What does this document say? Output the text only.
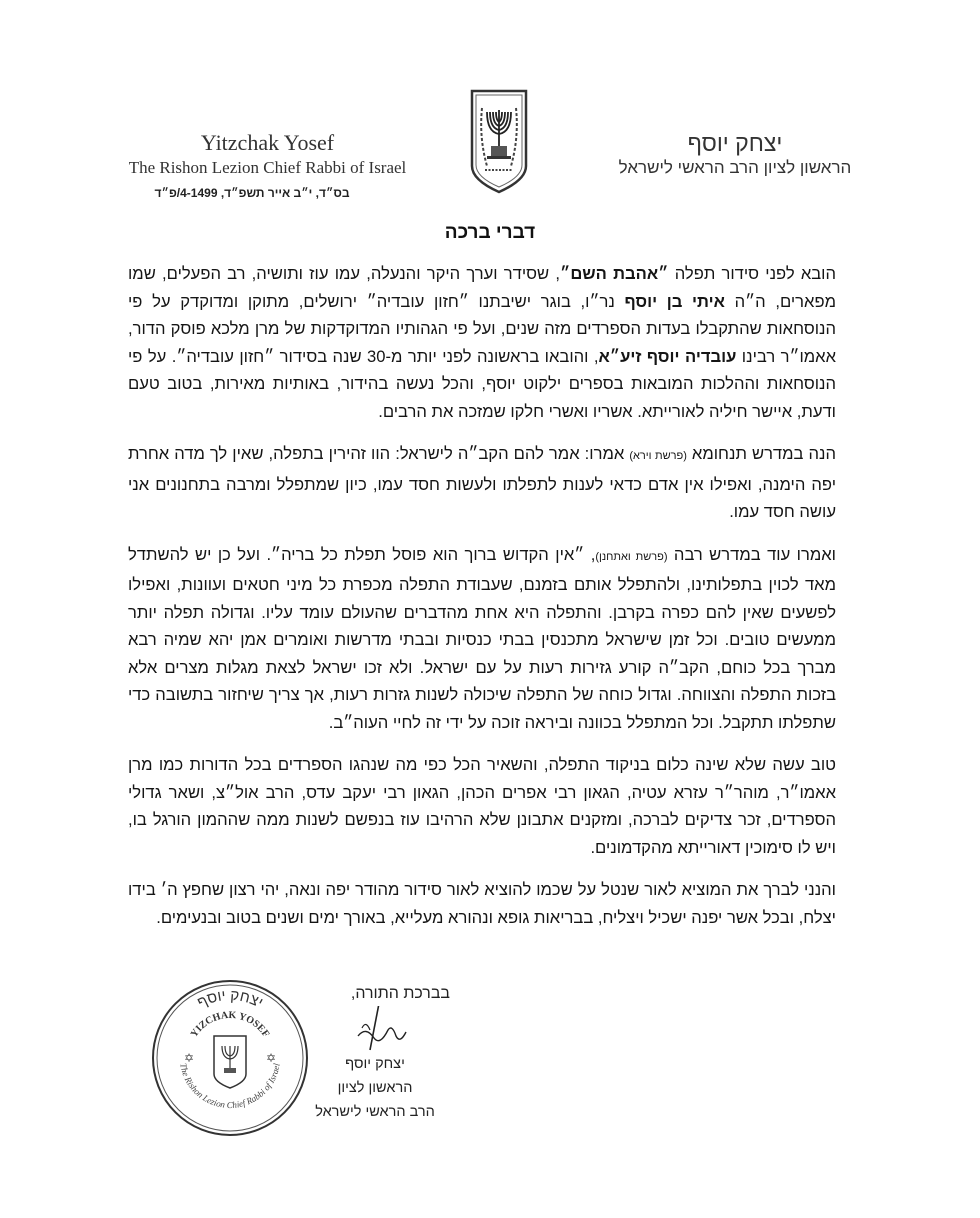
Yitzchak Yosef
The Rishon Lezion Chief Rabbi of Israel
בס״ד, י״ב אייר תשפ״ד, 4-1499/פ״ד
יצחק יוסף
הראשון לציון הרב הראשי לישראל
דברי ברכה

הובא לפני סידור תפלה ״אהבת השם״, שסידר וערך היקר והנעלה, עמו עוז ותושיה, רב הפעלים, שמו מפארים, ה״ה איתי בן יוסף נר״ו, בוגר ישיבתנו ״חזון עובדיה״ ירושלים, מתוקן ומדוקדק על פי הנוסחאות שהתקבלו בעדות הספרדים מזה שנים, ועל פי הגהותיו המדוקדקות של מרן מלכא פוסק הדור, אאמו״ר רבינו עובדיה יוסף זיע״א, והובאו בראשונה לפני יותר מ-30 שנה בסידור ״חזון עובדיה״. על פי הנוסחאות וההלכות המובאות בספרים ילקוט יוסף, והכל נעשה בהידור, באותיות מאירות, בטוב טעם ודעת, איישר חיליה לאורייתא. אשריו ואשרי חלקו שמזכה את הרבים.

הנה במדרש תנחומא (פרשת וירא) אמרו: אמר להם הקב״ה לישראל: הוו זהירין בתפלה, שאין לך מדה אחרת יפה הימנה, ואפילו אין אדם כדאי לענות לתפלתו ולעשות חסד עמו, כיון שמתפלל ומרבה בתחנונים אני עושה חסד עמו.

ואמרו עוד במדרש רבה (פרשת ואתחנן), ״אין הקדוש ברוך הוא פוסל תפלת כל בריה״. ועל כן יש להשתדל מאד לכוין בתפלותינו, ולהתפלל אותם בזמנם, שעבודת התפלה מכפרת כל מיני חטאים ועוונות, ואפילו לפשעים שאין להם כפרה בקרבן. והתפלה היא אחת מהדברים שהעולם עומד עליו. וגדולה תפלה יותר ממעשים טובים. וכל זמן שישראל מתכנסין בבתי כנסיות ובבתי מדרשות ואומרים אמן יהא שמיה רבא מברך בכל כוחם, הקב״ה קורע גזירות רעות על עם ישראל. ולא זכו ישראל לצאת מגלות מצרים אלא בזכות התפלה והצווחה. וגדול כוחה של התפלה שיכולה לשנות גזרות רעות, אך צריך שיחזור בתשובה כדי שתפלתו תתקבל. וכל המתפלל בכוונה וביראה זוכה על ידי זה לחיי העוה״ב.

טוב עשה שלא שינה כלום בניקוד התפלה, והשאיר הכל כפי מה שנהגו הספרדים בכל הדורות כמו מרן אאמו״ר, מוהר״ר עזרא עטיה, הגאון רבי אפרים הכהן, הגאון רבי יעקב עדס, הרב אול״צ, ושאר גדולי הספרדים, זכר צדיקים לברכה, ומזקנים אתבונן שלא הרהיבו עוז בנפשם לשנות ממה שההמון הורגל בו, ויש לו סימוכין דאורייתא מהקדמונים.

והנני לברך את המוציא לאור שנטל על שכמו להוציא לאור סידור מהודר יפה ונאה, יהי רצון שחפץ ה׳ בידו יצלח, ובכל אשר יפנה ישכיל ויצליח, בבריאות גופא ונהורא מעלייא, באורך ימים ושנים בטוב ובנעימים.

יצחק יוסף
YIZCHAK YOSEF
The Rishon Lezion Chief Rabbi of Israel
✡	✡
בברכת התורה,
יצחק יוסף
הראשון לציון
הרב הראשי לישראל
